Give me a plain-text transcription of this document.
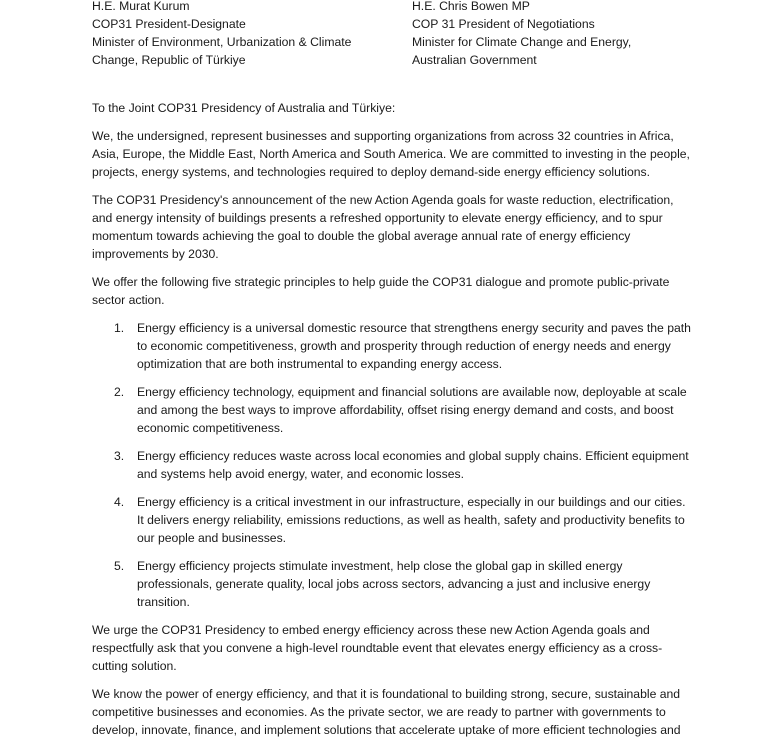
H.E. Murat Kurum
COP31 President-Designate
Minister of Environment, Urbanization & Climate
Change, Republic of Türkiye
H.E. Chris Bowen MP
COP 31 President of Negotiations
Minister for Climate Change and Energy,
Australian Government
To the Joint COP31 Presidency of Australia and Türkiye:

We, the undersigned, represent businesses and supporting organizations from across 32 countries in Africa, Asia, Europe, the Middle East, North America and South America. We are committed to investing in the people, projects, energy systems, and technologies required to deploy demand-side energy efficiency solutions.

The COP31 Presidency's announcement of the new Action Agenda goals for waste reduction, electrification, and energy intensity of buildings presents a refreshed opportunity to elevate energy efficiency, and to spur momentum towards achieving the goal to double the global average annual rate of energy efficiency improvements by 2030.

We offer the following five strategic principles to help guide the COP31 dialogue and promote public-private sector action.

1. Energy efficiency is a universal domestic resource that strengthens energy security and paves the path to economic competitiveness, growth and prosperity through reduction of energy needs and energy optimization that are both instrumental to expanding energy access.
2. Energy efficiency technology, equipment and financial solutions are available now, deployable at scale and among the best ways to improve affordability, offset rising energy demand and costs, and boost economic competitiveness.
3. Energy efficiency reduces waste across local economies and global supply chains. Efficient equipment and systems help avoid energy, water, and economic losses.
4. Energy efficiency is a critical investment in our infrastructure, especially in our buildings and our cities. It delivers energy reliability, emissions reductions, as well as health, safety and productivity benefits to our people and businesses.
5. Energy efficiency projects stimulate investment, help close the global gap in skilled energy professionals, generate quality, local jobs across sectors, advancing a just and inclusive energy transition.

We urge the COP31 Presidency to embed energy efficiency across these new Action Agenda goals and respectfully ask that you convene a high-level roundtable event that elevates energy efficiency as a cross-cutting solution.

We know the power of energy efficiency, and that it is foundational to building strong, secure, sustainable and competitive businesses and economies. As the private sector, we are ready to partner with governments to develop, innovate, finance, and implement solutions that accelerate uptake of more efficient technologies and
